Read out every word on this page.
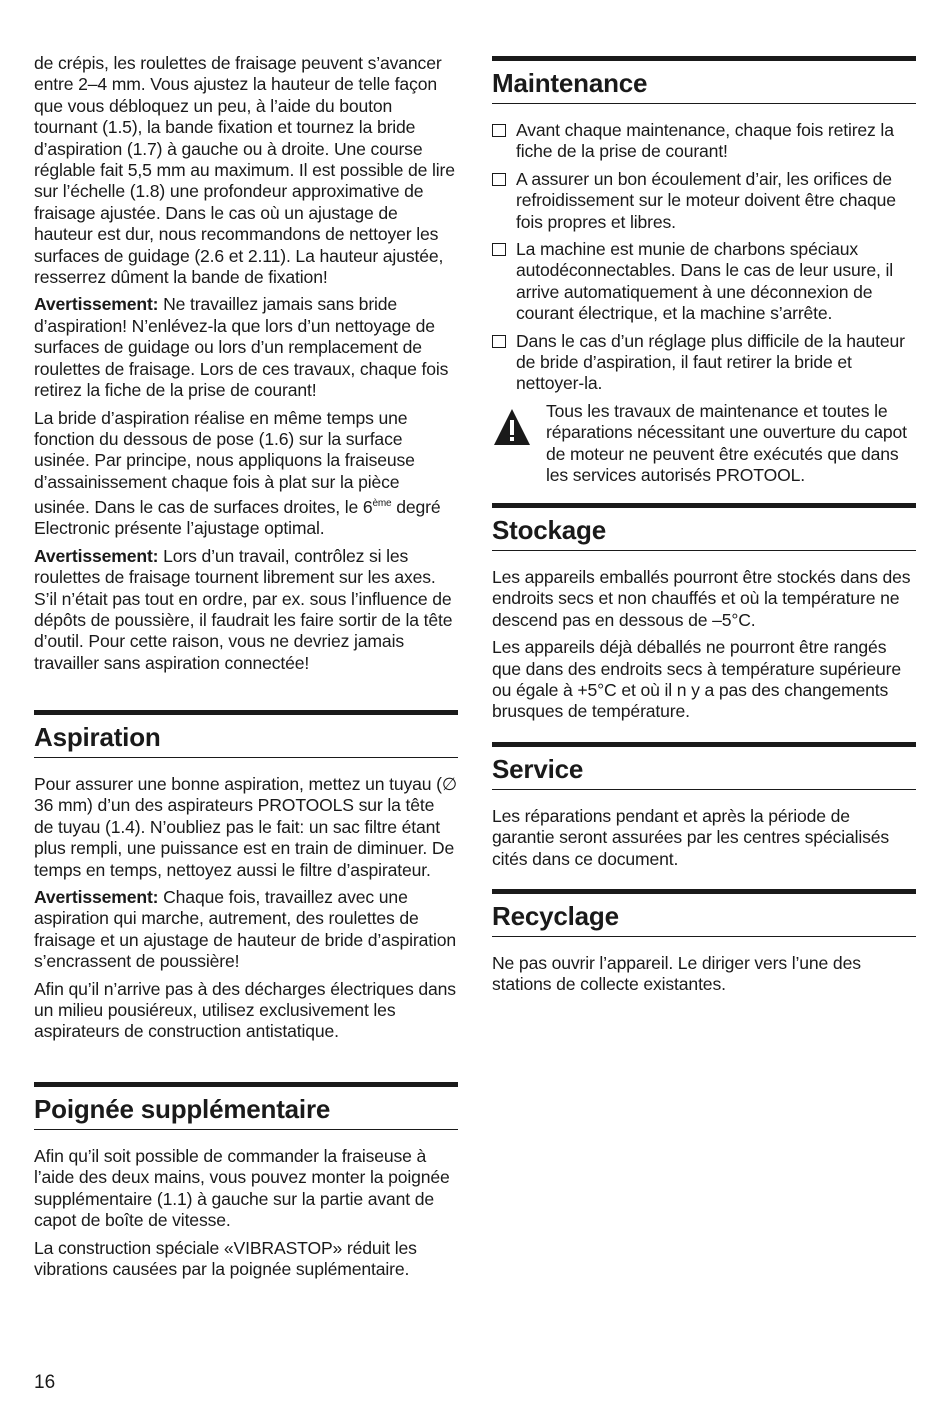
de crépis, les roulettes de fraisage peuvent s’avancer entre 2–4 mm. Vous ajustez la hauteur de telle façon que vous débloquez un peu, à l’aide du bouton tournant (1.5), la bande fixation et tournez la bride d’aspiration (1.7) à gauche ou à droite. Une course réglable fait 5,5 mm au maximum. Il est possible de lire sur l’échelle (1.8) une profondeur approximative de fraisage ajustée. Dans le cas où un ajustage de hauteur est dur, nous recommandons de nettoyer les surfaces de guidage (2.6 et 2.11). La hauteur ajustée, resserrez dûment la bande de fixation!

Avertissement: Ne travaillez jamais sans bride d’aspiration! N’enlévez-la que lors d’un nettoyage de surfaces de guidage ou lors d’un remplacement de roulettes de fraisage. Lors de ces travaux, chaque fois retirez la fiche de la prise de courant!

La bride d’aspiration réalise en même temps une fonction du dessous de pose (1.6) sur la surface usinée. Par principe, nous appliquons la fraiseuse d’assainissement chaque fois à plat sur la pièce usinée. Dans le cas de surfaces droites, le 6ème degré Electronic présente l’ajustage optimal.

Avertissement: Lors d’un travail, contrôlez si les roulettes de fraisage tournent librement sur les axes. S’il n’était pas tout en ordre, par ex. sous l’influence de dépôts de poussière, il faudrait les faire sortir de la tête d’outil. Pour cette raison, vous ne devriez jamais travailler sans aspiration connectée!

Aspiration

Pour assurer une bonne aspiration, mettez un tuyau (∅ 36 mm) d’un des aspirateurs PROTOOLS sur la tête de tuyau (1.4). N’oubliez pas le fait: un sac filtre étant plus rempli, une puissance est en train de diminuer. De temps en temps, nettoyez aussi le filtre d’aspirateur.

Avertissement: Chaque fois, travaillez avec une aspiration qui marche, autrement, des roulettes de fraisage et un ajustage de hauteur de bride d’aspiration s’encrassent de poussière!

Afin qu’il n’arrive pas à des décharges électriques dans un milieu pousiéreux, utilisez exclusivement les aspirateurs de construction antistatique.

Poignée supplémentaire

Afin qu’il soit possible de commander la fraiseuse à l’aide des deux mains, vous pouvez monter la poignée supplémentaire (1.1) à gauche sur la partie avant de capot de boîte de vitesse.

La construction spéciale «VIBRASTOP» réduit les vibrations causées par la poignée suplémentaire.

Maintenance
Avant chaque maintenance, chaque fois retirez la fiche de la prise de courant!
A assurer un bon écoulement d’air, les orifices de refroidissement sur le moteur doivent être chaque fois propres et libres.
La machine est munie de charbons spéciaux autodéconnectables. Dans le cas de leur usure, il arrive automatiquement à une déconnexion de courant électrique, et la machine s’arrête.
Dans le cas d’un réglage plus difficile de la hauteur de bride d’aspiration, il faut retirer la bride et nettoyer-la.
Tous les travaux de maintenance et toutes le réparations nécessitant une ouverture du capot de moteur ne peuvent être exécutés que dans les services autorisés PROTOOL.
Stockage

Les appareils emballés pourront être stockés dans des endroits secs et non chauffés et où la température ne descend pas en dessous de –5°C.

Les appareils déjà déballés ne pourront être rangés que dans des endroits secs à température supérieure ou égale à +5°C et où il n y a pas des changements brusques de température.

Service

Les réparations pendant et après la période de garantie seront assurées par les centres spécialisés cités dans ce document.

Recyclage

Ne pas ouvrir l’appareil. Le diriger vers l’une des stations de collecte existantes.

16
